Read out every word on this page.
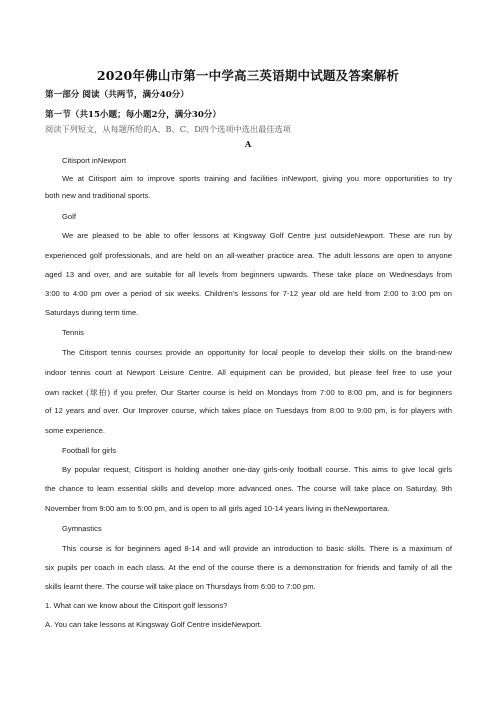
2020年佛山市第一中学高三英语期中试题及答案解析
第一部分 阅读（共两节，满分40分）
第一节（共15小题；每小题2分，满分30分）
阅读下列短文，从每题所给的A、B、C、D四个选项中选出最佳选项
A
Citisport inNewport
We at Citisport aim to improve sports training and facilities inNewport, giving you more opportunities to try
both new and traditional sports.
Golf
We are pleased to be able to offer lessons at Kingsway Golf Centre just outsideNewport. These are run by
experienced golf professionals, and are held on an all-weather practice area. The adult lessons are open to anyone
aged 13 and over, and are suitable for all levels from beginners upwards. These take place on Wednesdays from
3:00 to 4:00 pm over a period of six weeks. Children’s lessons for 7-12 year old are held from 2:00 to 3:00 pm on
Saturdays during term time.
Tennis
The Citisport tennis courses provide an opportunity for local people to develop their skills on the brand-new
indoor tennis court at Newport Leisure Centre. All equipment can be provided, but please feel free to use your
own racket (球拍) if you prefer. Our Starter course is held on Mondays from 7:00 to 8:00 pm, and is for beginners
of 12 years and over. Our Improver course, which takes place on Tuesdays from 8:00 to 9:00 pm, is for players with
some experience.
Football for girls
By popular request, Citisport is holding another one-day girls-only football course. This aims to give local girls
the chance to learn essential skills and develop more advanced ones. The course will take place on Saturday, 9th
November from 9:00 am to 5:00 pm, and is open to all girls aged 10-14 years living in theNewportarea.
Gymnastics
This course is for beginners aged 8-14 and will provide an introduction to basic skills. There is a maximum of
six pupils per coach in each class. At the end of the course there is a demonstration for friends and family of all the
skills learnt there. The course will take place on Thursdays from 6:00 to 7:00 pm.
1. What can we know about the Citisport golf lessons?
A. You can take lessons at Kingsway Golf Centre insideNewport.
